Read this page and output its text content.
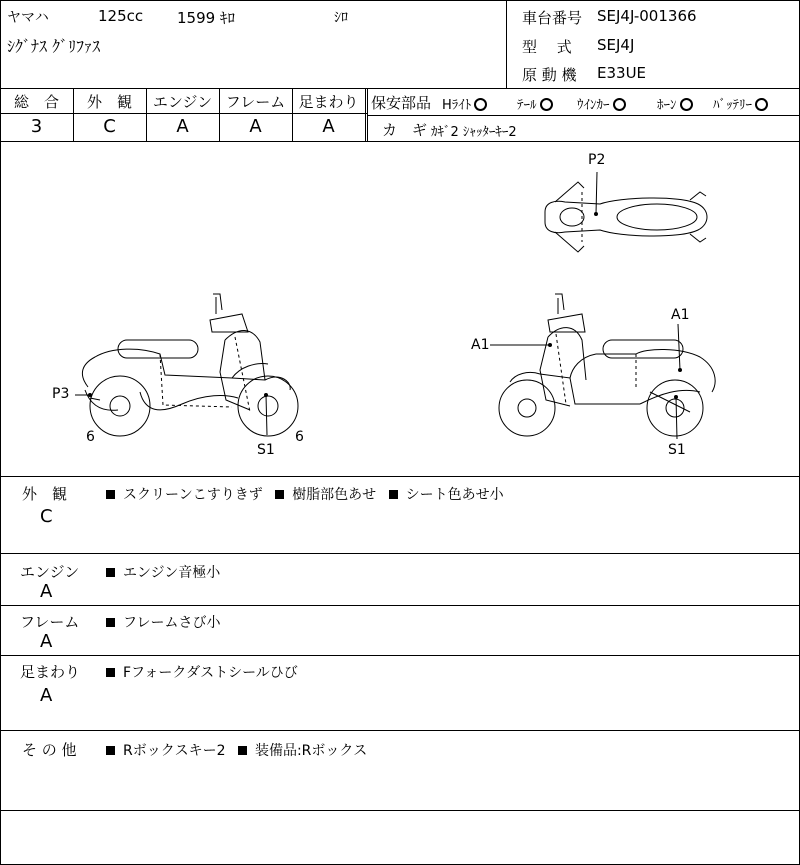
ヤマハ	125cc 1599 ｷﾛ	ｼﾛ
ｼｸﾞﾅｽ ｸﾞﾘﾌｧｽ
車台番号 SEJ4J-001366
型　 式 SEJ4J
原 動 機 E33UE
総　合	外　観	エンジン フレーム 足まわり
3	C	A	A	A
保安部品 Hﾗｲﾄ	ﾃｰﾙ	ｳｲﾝｶｰ	ﾎｰﾝ	ﾊﾞｯﾃﾘｰ
カ　ギ ｶｷﾞ2 ｼｬｯﾀｰｷｰ2
P3
6
S1
6
A1
A1
S1
P2
外　観
C
スクリーンこすりきず 樹脂部色あせ シート色あせ小
エンジン
A
エンジン音極小
フレーム
A
フレームさび小
足まわり
A
Fフォークダストシールひび
そ の 他	Rボックスキー2 装備品:Rボックス
